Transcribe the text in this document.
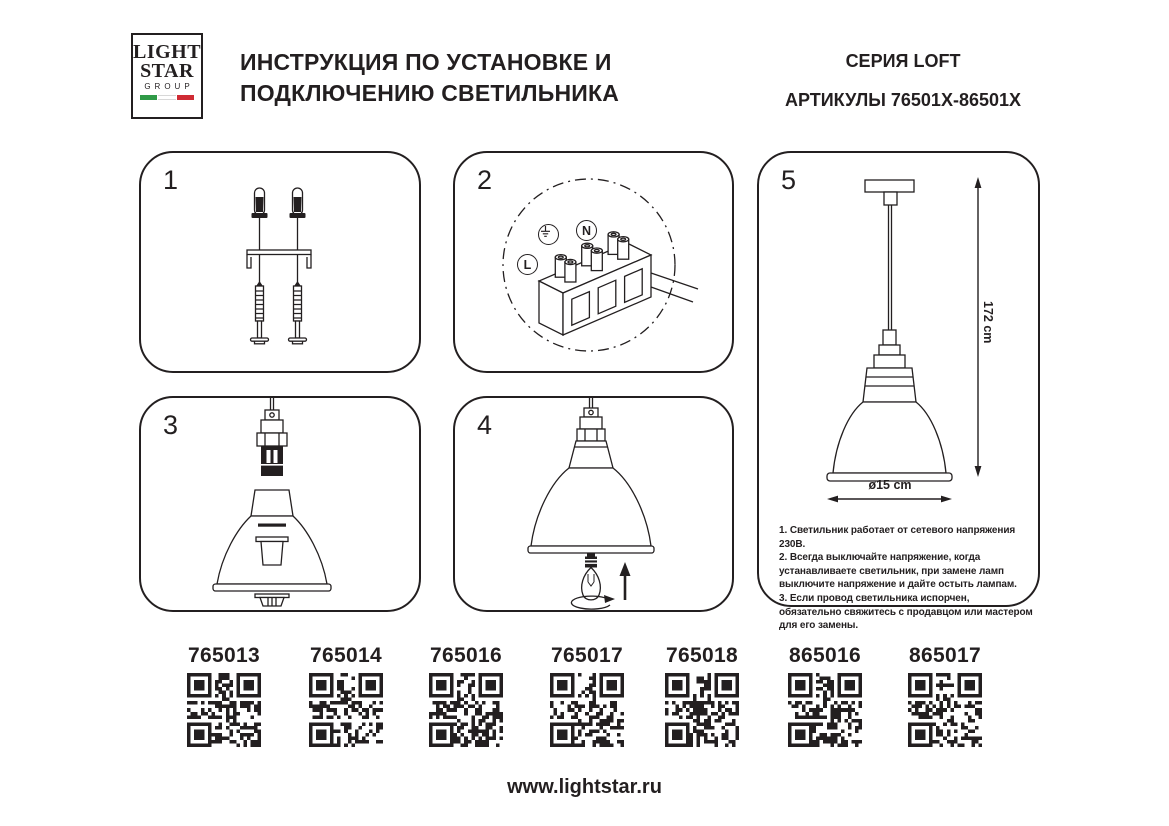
LIGHT
STAR
GROUP
ИНСТРУКЦИЯ ПО УСТАНОВКЕ И
ПОДКЛЮЧЕНИЮ СВЕТИЛЬНИКА
СЕРИЯ LOFT
АРТИКУЛЫ 76501X-86501X
1
N
L
2
3	4
172 cm
ø15 cm
1. Светильник работает от сетевого напряжения 230В.
2. Всегда выключайте напряжение, когда устанавливаете светильник, при замене ламп выключите напряжение и дайте остыть лампам.
3. Если провод светильника испорчен, обязательно свяжитесь с продавцом или мастером для его замены.
5
765013	765014	765016	765017	765018	865016	865017
www.lightstar.ru
